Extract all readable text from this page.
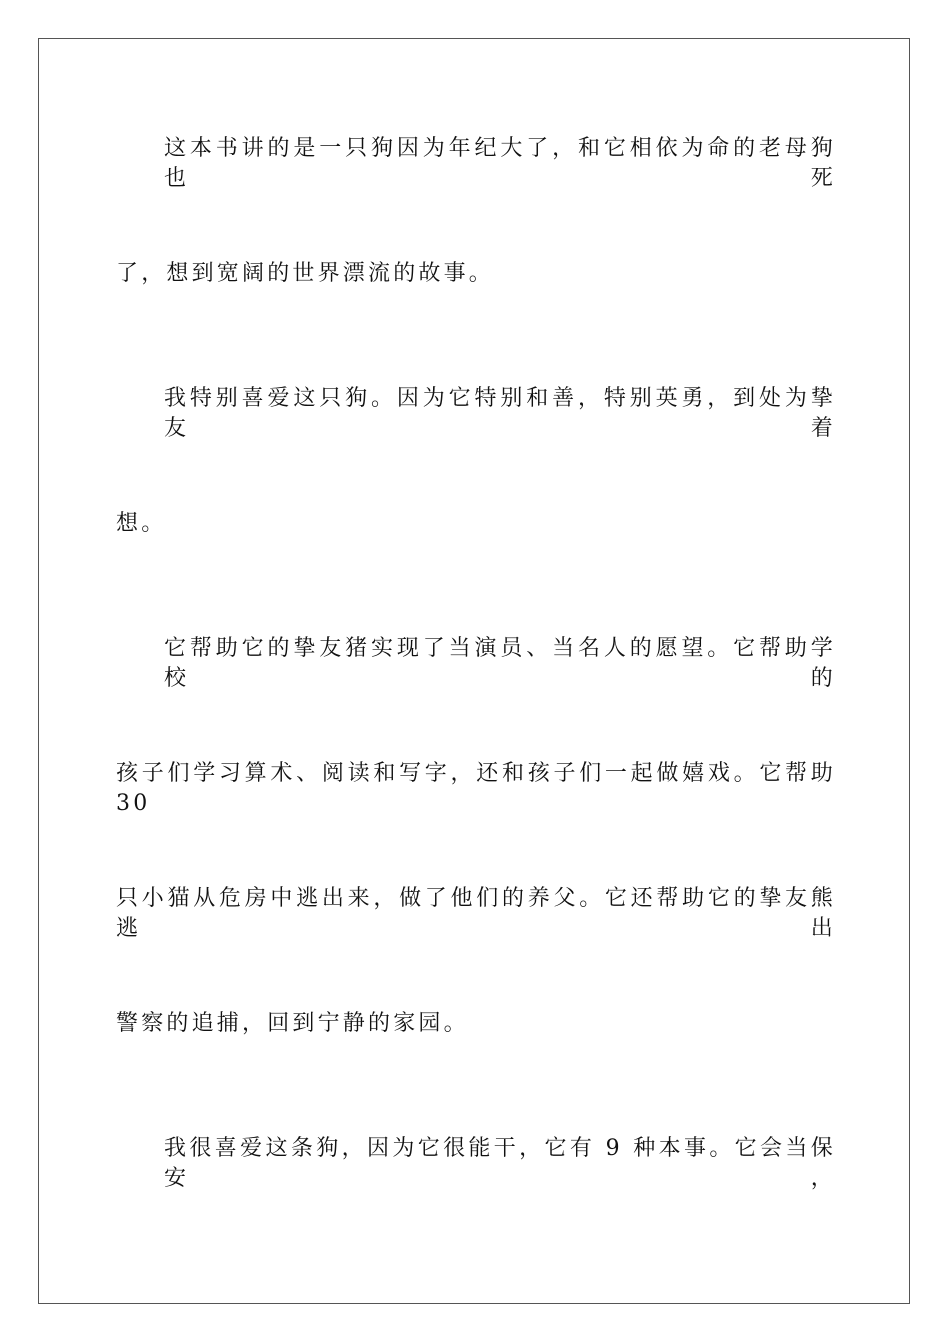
这本书讲的是一只狗因为年纪大了，和它相依为命的老母狗也死
了，想到宽阔的世界漂流的故事。
我特别喜爱这只狗。因为它特别和善，特别英勇，到处为挚友着
想。
它帮助它的挚友猪实现了当演员、当名人的愿望。它帮助学校的
孩子们学习算术、阅读和写字，还和孩子们一起做嬉戏。它帮助 30
只小猫从危房中逃出来，做了他们的养父。它还帮助它的挚友熊逃出
警察的追捕，回到宁静的家园。
我很喜爱这条狗，因为它很能干，它有 9 种本事。它会当保安，
